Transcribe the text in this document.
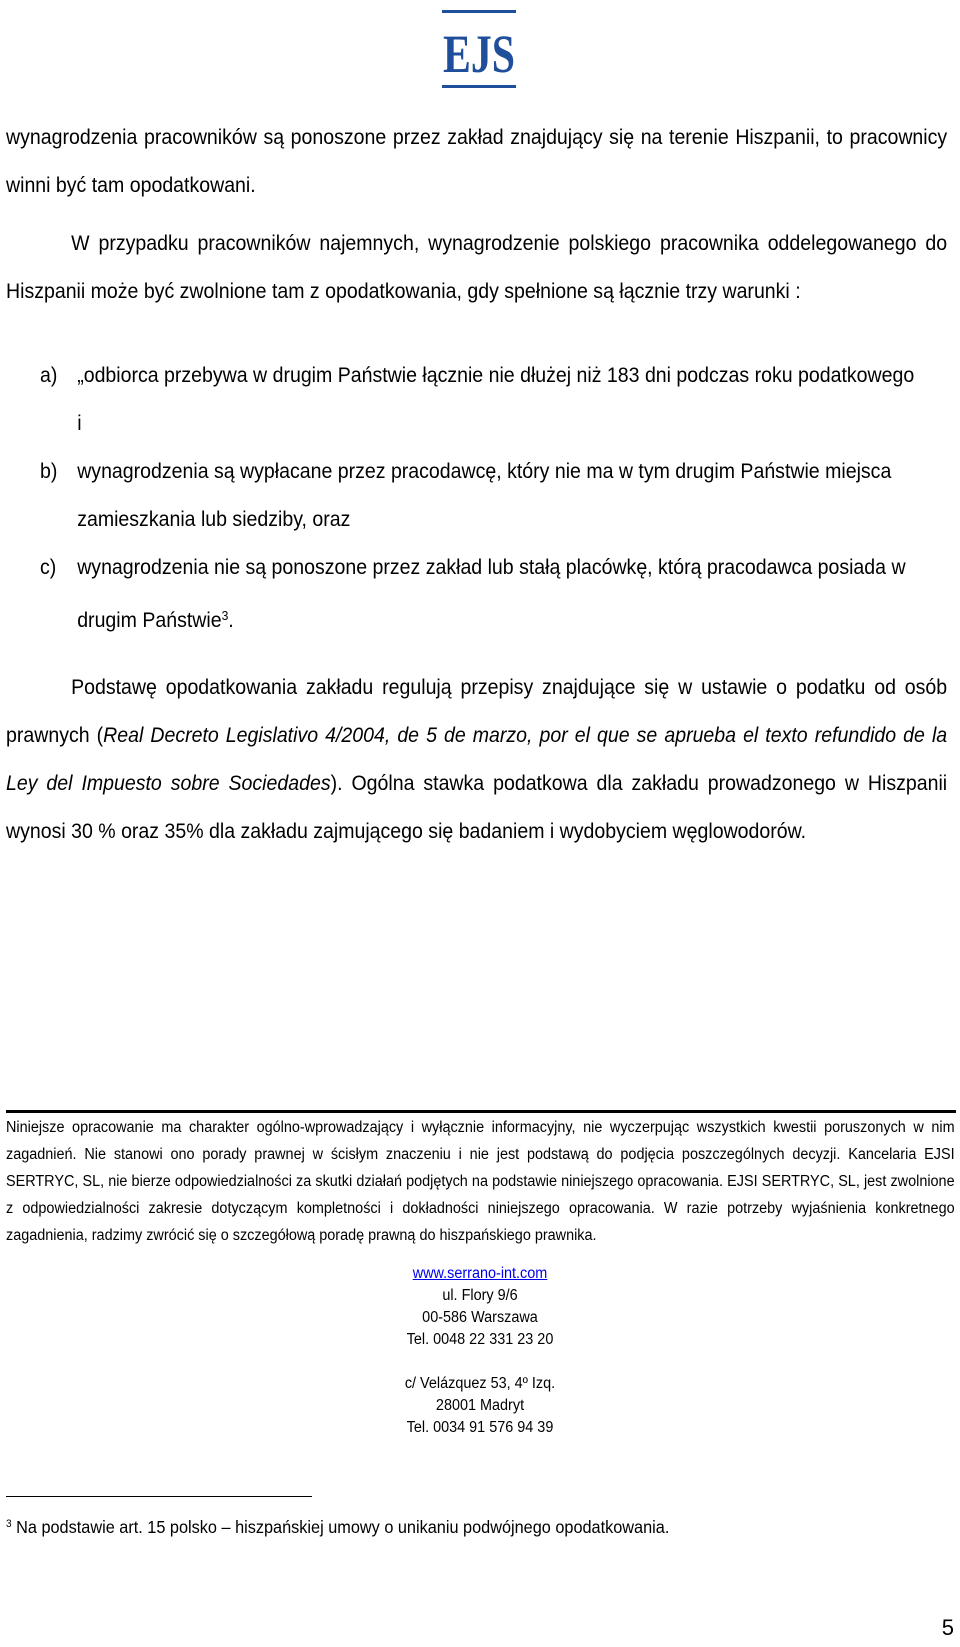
EJS
wynagrodzenia pracowników są ponoszone przez zakład znajdujący się na terenie Hiszpanii, to pracownicy winni być tam opodatkowani.
W przypadku pracowników najemnych, wynagrodzenie polskiego pracownika oddelegowanego do Hiszpanii może być zwolnione tam z opodatkowania, gdy spełnione są łącznie trzy warunki :
a) „odbiorca przebywa w drugim Państwie łącznie nie dłużej niż 183 dni podczas roku podatkowego i
b) wynagrodzenia są wypłacane przez pracodawcę, który nie ma w tym drugim Państwie miejsca zamieszkania lub siedziby, oraz
c) wynagrodzenia nie są ponoszone przez zakład lub stałą placówkę, którą pracodawca posiada w drugim Państwie$^3$.
Podstawę opodatkowania zakładu regulują przepisy znajdujące się w ustawie o podatku od osób prawnych (Real Decreto Legislativo 4/2004, de 5 de marzo, por el que se aprueba el texto refundido de la Ley del Impuesto sobre Sociedades). Ogólna stawka podatkowa dla zakładu prowadzonego w Hiszpanii wynosi 30 % oraz 35% dla zakładu zajmującego się badaniem i wydobyciem węglowodorów.
Niniejsze opracowanie ma charakter ogólno-wprowadzający i wyłącznie informacyjny, nie wyczerpując wszystkich kwestii poruszonych w nim zagadnień. Nie stanowi ono porady prawnej w ścisłym znaczeniu i nie jest podstawą do podjęcia poszczególnych decyzji. Kancelaria EJSI SERTRYC, SL, nie bierze odpowiedzialności za skutki działań podjętych na podstawie niniejszego opracowania. EJSI SERTRYC, SL, jest zwolnione z odpowiedzialności zakresie dotyczącym kompletności i dokładności niniejszego opracowania. W razie potrzeby wyjaśnienia konkretnego zagadnienia, radzimy zwrócić się o szczegółową poradę prawną do hiszpańskiego prawnika.
www.serrano-int.com
ul. Flory 9/6
00-586 Warszawa
Tel. 0048 22 331 23 20
c/ Velázquez 53, 4º Izq.
28001 Madryt
Tel. 0034 91 576 94 39
$^3$ Na podstawie art. 15 polsko – hiszpańskiej umowy o unikaniu podwójnego opodatkowania.
5
